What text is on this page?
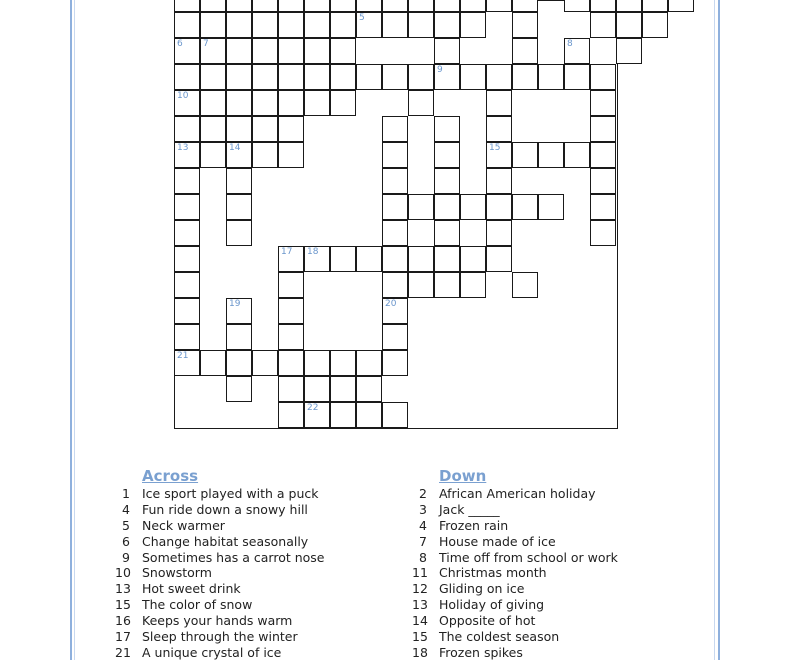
5
6 7	8
9
10
13	14	15
17 18
19	20
21
22
Across
1 Ice sport played with a puck
4 Fun ride down a snowy hill
5 Neck warmer
6 Change habitat seasonally
9 Sometimes has a carrot nose
10 Snowstorm
13 Hot sweet drink
15 The color of snow
16 Keeps your hands warm
17 Sleep through the winter
21 A unique crystal of ice
Down
2 African American holiday
3 Jack _____
4 Frozen rain
7 House made of ice
8 Time off from school or work
11 Christmas month
12 Gliding on ice
13 Holiday of giving
14 Opposite of hot
15 The coldest season
18 Frozen spikes
